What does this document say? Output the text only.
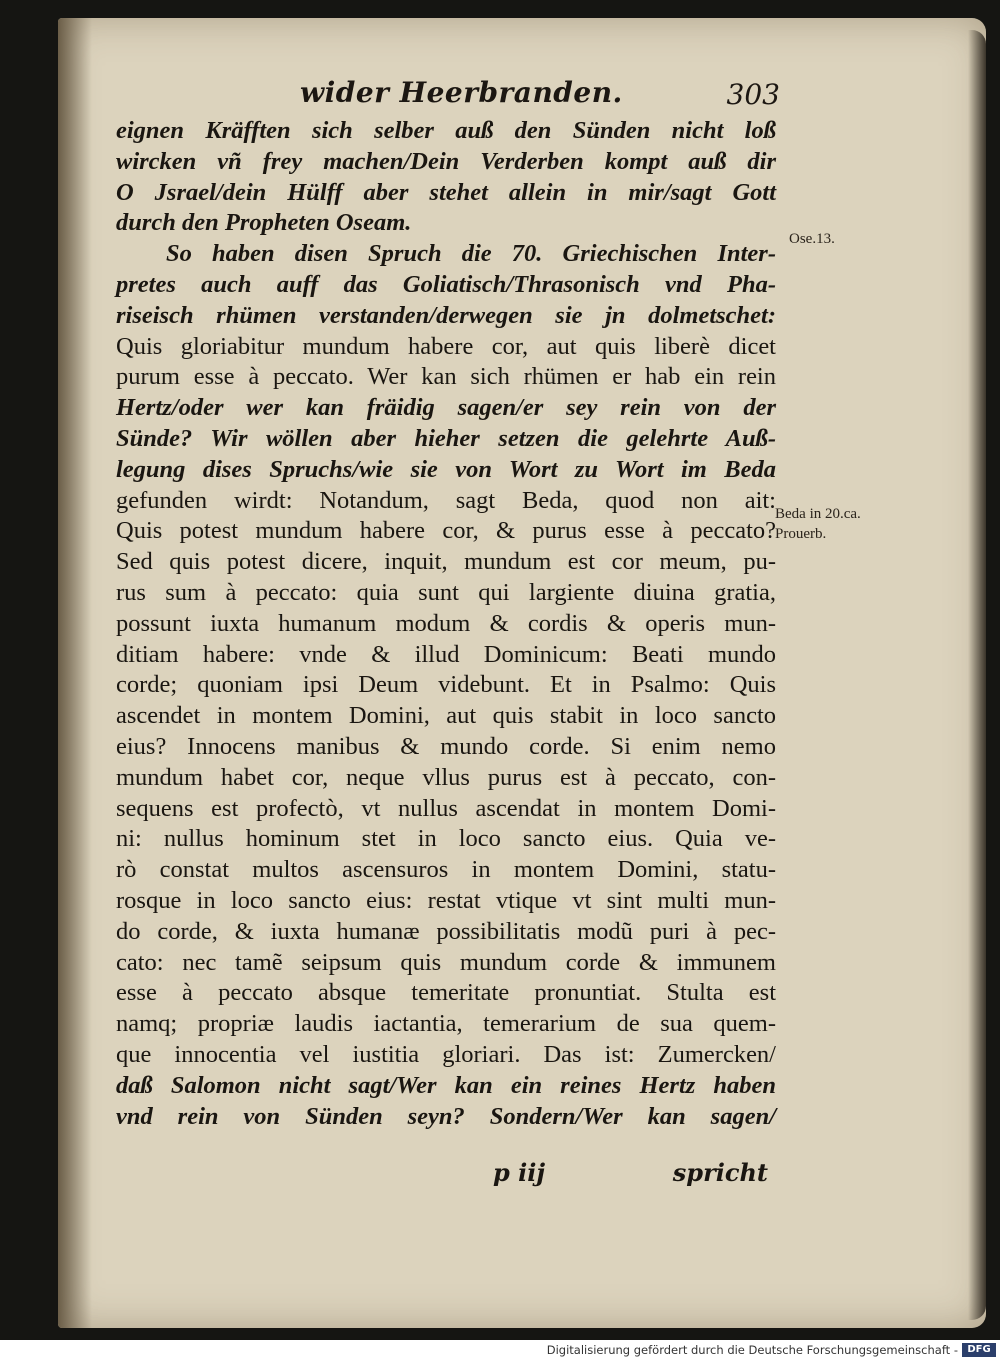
wider Heerbranden.	303
eignen Kräfften sich selber auß den Sünden nicht loß
wircken vñ frey machen/Dein Verderben kompt auß dir
O Jsrael/dein Hülff aber stehet allein in mir/sagt Gott
durch den Propheten Oseam.
So haben disen Spruch die 70. Griechischen Inter-
pretes auch auff das Goliatisch/Thrasonisch vnd Pha-
riseisch rhümen verstanden/derwegen sie jn dolmetschet:
Quis gloriabitur mundum habere cor, aut quis liberè dicet
purum esse à peccato. Wer kan sich rhümen er hab ein rein
Hertz/oder wer kan fräidig sagen/er sey rein von der
Sünde? Wir wöllen aber hieher setzen die gelehrte Auß-
legung dises Spruchs/wie sie von Wort zu Wort im Beda
gefunden wirdt: Notandum, sagt Beda, quod non ait:
Quis potest mundum habere cor, & purus esse à peccato?
Sed quis potest dicere, inquit, mundum est cor meum, pu-
rus sum à peccato: quia sunt qui largiente diuina gratia,
possunt iuxta humanum modum & cordis & operis mun-
ditiam habere: vnde & illud Dominicum: Beati mundo
corde; quoniam ipsi Deum videbunt. Et in Psalmo: Quis
ascendet in montem Domini, aut quis stabit in loco sancto
eius? Innocens manibus & mundo corde. Si enim nemo
mundum habet cor, neque vllus purus est à peccato, con-
sequens est profectò, vt nullus ascendat in montem Domi-
ni: nullus hominum stet in loco sancto eius. Quia ve-
rò constat multos ascensuros in montem Domini, statu-
rosque in loco sancto eius: restat vtique vt sint multi mun-
do corde, & iuxta humanæ possibilitatis modũ puri à pec-
cato: nec tamẽ seipsum quis mundum corde & immunem
esse à peccato absque temeritate pronuntiat. Stulta est
namq; propriæ laudis iactantia, temerarium de sua quem-
que innocentia vel iustitia gloriari. Das ist: Zumercken/
daß Salomon nicht sagt/Wer kan ein reines Hertz haben
vnd rein von Sünden seyn? Sondern/Wer kan sagen/
Ose.13.
Beda in 20.ca.
Prouerb.
p iij	spricht
Digitalisierung gefördert durch die Deutsche Forschungsgemeinschaft - DFG
